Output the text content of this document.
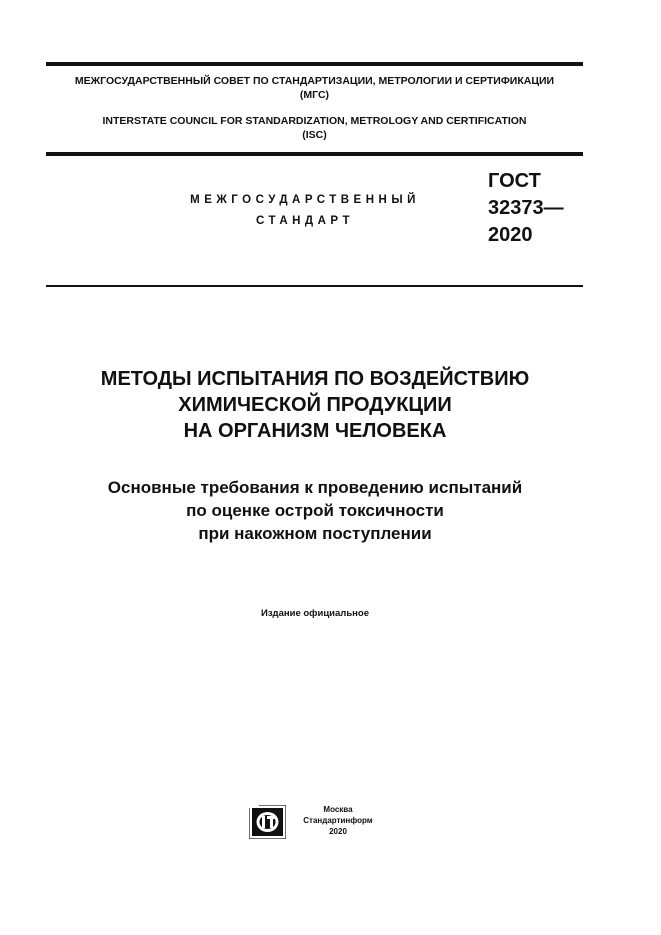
МЕЖГОСУДАРСТВЕННЫЙ СОВЕТ ПО СТАНДАРТИЗАЦИИ, МЕТРОЛОГИИ И СЕРТИФИКАЦИИ
(МГС)
INTERSTATE COUNCIL FOR STANDARDIZATION, METROLOGY AND CERTIFICATION
(ISC)
МЕЖГОСУДАРСТВЕННЫЙ
СТАНДАРТ
ГОСТ
32373—
2020
МЕТОДЫ ИСПЫТАНИЯ ПО ВОЗДЕЙСТВИЮ
ХИМИЧЕСКОЙ ПРОДУКЦИИ
НА ОРГАНИЗМ ЧЕЛОВЕКА
Основные требования к проведению испытаний
по оценке острой токсичности
при накожном поступлении
Издание официальное
Москва
Стандартинформ
2020
